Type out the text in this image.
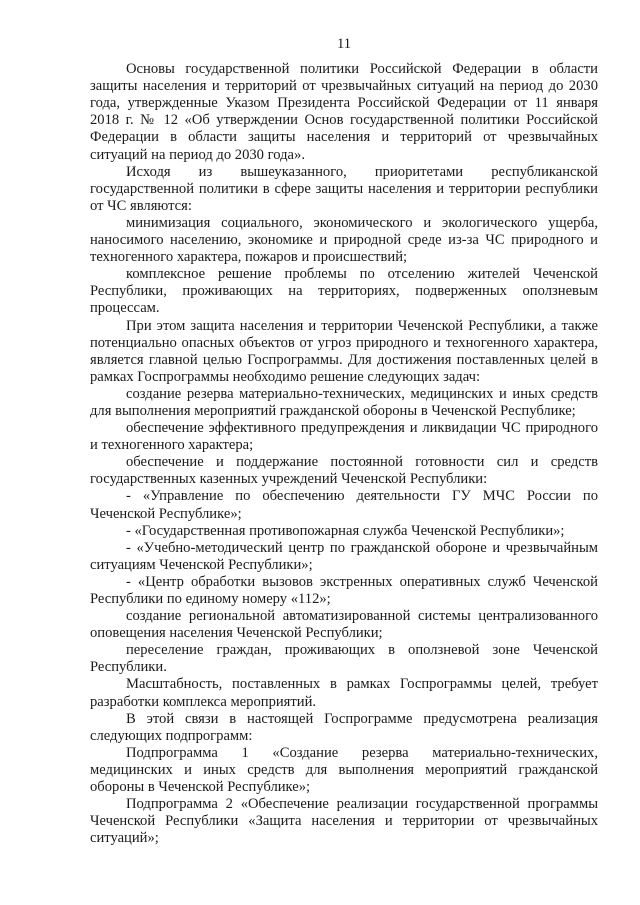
11

Основы государственной политики Российской Федерации в области защиты населения и территорий от чрезвычайных ситуаций на период до 2030 года, утвержденные Указом Президента Российской Федерации от 11 января 2018 г. № 12 «Об утверждении Основ государственной политики Российской Федерации в области защиты населения и территорий от чрезвычайных ситуаций на период до 2030 года».

Исходя из вышеуказанного, приоритетами республиканской государственной политики в сфере защиты населения и территории республики от ЧС являются:

минимизация социального, экономического и экологического ущерба, наносимого населению, экономике и природной среде из-за ЧС природного и техногенного характера, пожаров и происшествий;

комплексное решение проблемы по отселению жителей Чеченской Республики, проживающих на территориях, подверженных оползневым процессам.

При этом защита населения и территории Чеченской Республики, а также потенциально опасных объектов от угроз природного и техногенного характера, является главной целью Госпрограммы. Для достижения поставленных целей в рамках Госпрограммы необходимо решение следующих задач:

создание резерва материально-технических, медицинских и иных средств для выполнения мероприятий гражданской обороны в Чеченской Республике;

обеспечение эффективного предупреждения и ликвидации ЧС природного и техногенного характера;

обеспечение и поддержание постоянной готовности сил и средств государственных казенных учреждений Чеченской Республики:

- «Управление по обеспечению деятельности ГУ МЧС России по Чеченской Республике»;

- «Государственная противопожарная служба Чеченской Республики»;

- «Учебно-методический центр по гражданской обороне и чрезвычайным ситуациям Чеченской Республики»;

- «Центр обработки вызовов экстренных оперативных служб Чеченской Республики по единому номеру «112»;

создание региональной автоматизированной системы централизованного оповещения населения Чеченской Республики;

переселение граждан, проживающих в оползневой зоне Чеченской Республики.

Масштабность, поставленных в рамках Госпрограммы целей, требует разработки комплекса мероприятий.

В этой связи в настоящей Госпрограмме предусмотрена реализация следующих подпрограмм:

Подпрограмма 1 «Создание резерва материально-технических, медицинских и иных средств для выполнения мероприятий гражданской обороны в Чеченской Республике»;

Подпрограмма 2 «Обеспечение реализации государственной программы Чеченской Республики «Защита населения и территории от чрезвычайных ситуаций»;
